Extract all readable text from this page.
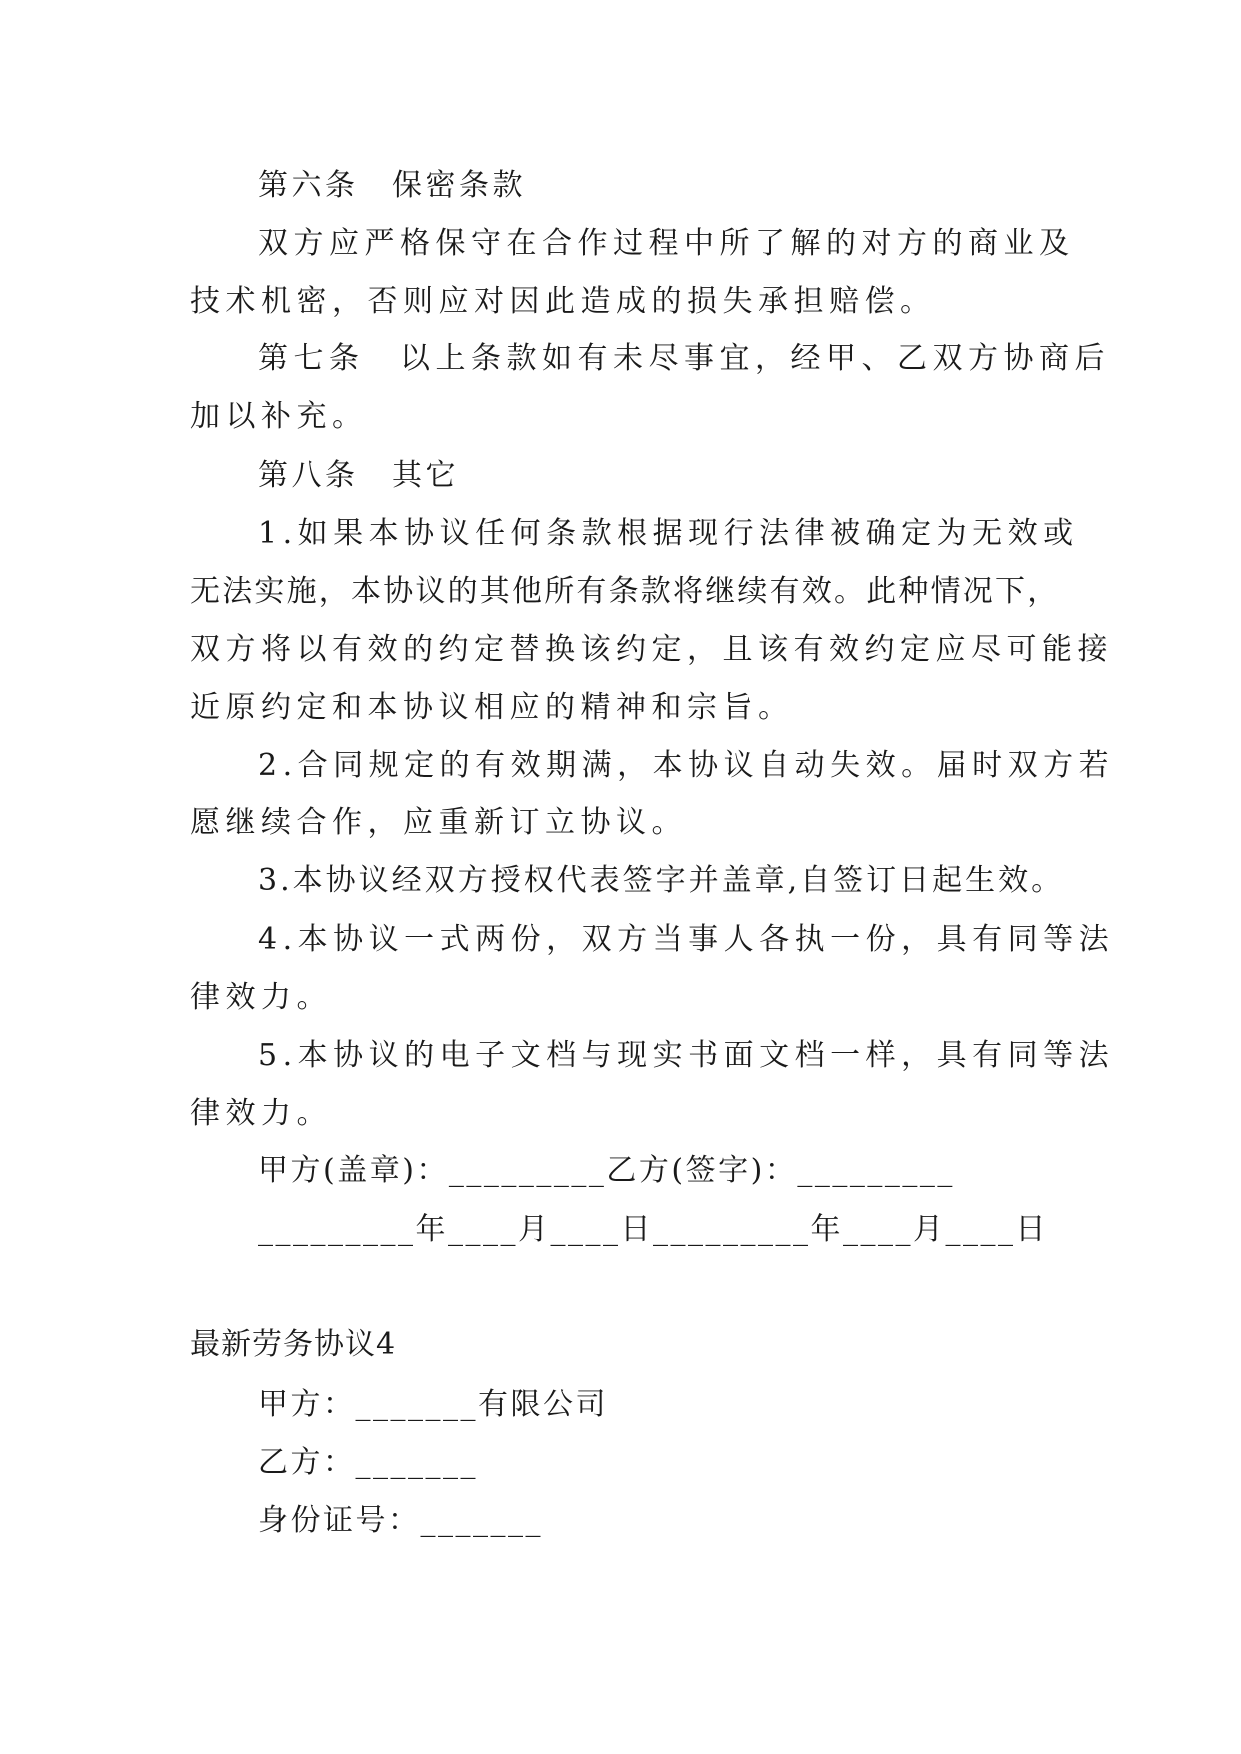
第六条　保密条款
双方应严格保守在合作过程中所了解的对方的商业及
技术机密，否则应对因此造成的损失承担赔偿。
第七条　以上条款如有未尽事宜，经甲、乙双方协商后
加以补充。
第八条　其它
1.如果本协议任何条款根据现行法律被确定为无效或
无法实施，本协议的其他所有条款将继续有效。此种情况下，
双方将以有效的约定替换该约定，且该有效约定应尽可能接
近原约定和本协议相应的精神和宗旨。
2.合同规定的有效期满，本协议自动失效。届时双方若
愿继续合作，应重新订立协议。
3.本协议经双方授权代表签字并盖章,自签订日起生效。
4.本协议一式两份，双方当事人各执一份，具有同等法
律效力。
5.本协议的电子文档与现实书面文档一样，具有同等法
律效力。
甲方(盖章)：_________乙方(签字)：_________
_________年____月____日_________年____月____日
最新劳务协议4
甲方：_______有限公司
乙方：_______
身份证号：_______
